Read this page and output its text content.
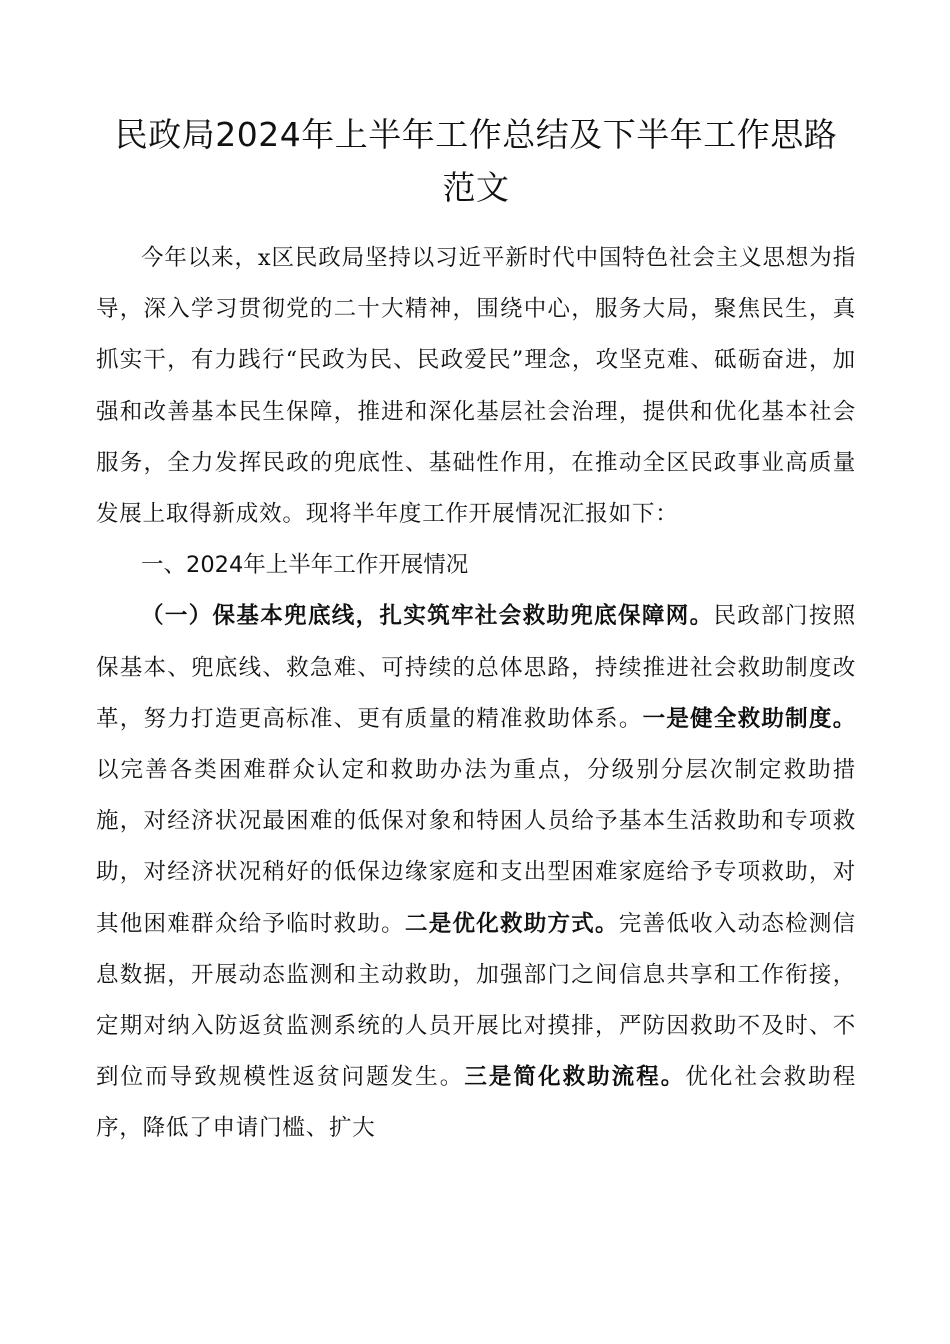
民政局2024年上半年工作总结及下半年工作思路
范文

今年以来，x区民政局坚持以习近平新时代中国特色社会主义思想为指导，深入学习贯彻党的二十大精神，围绕中心，服务大局，聚焦民生，真抓实干，有力践行“民政为民、民政爱民”理念，攻坚克难、砥砺奋进，加强和改善基本民生保障，推进和深化基层社会治理，提供和优化基本社会服务，全力发挥民政的兜底性、基础性作用，在推动全区民政事业高质量发展上取得新成效。现将半年度工作开展情况汇报如下：

一、2024年上半年工作开展情况

（一）保基本兜底线，扎实筑牢社会救助兜底保障网。民政部门按照保基本、兜底线、救急难、可持续的总体思路，持续推进社会救助制度改革，努力打造更高标准、更有质量的精准救助体系。一是健全救助制度。以完善各类困难群众认定和救助办法为重点，分级别分层次制定救助措施，对经济状况最困难的低保对象和特困人员给予基本生活救助和专项救助，对经济状况稍好的低保边缘家庭和支出型困难家庭给予专项救助，对其他困难群众给予临时救助。二是优化救助方式。完善低收入动态检测信息数据，开展动态监测和主动救助，加强部门之间信息共享和工作衔接，定期对纳入防返贫监测系统的人员开展比对摸排，严防因救助不及时、不到位而导致规模性返贫问题发生。三是简化救助流程。优化社会救助程序，降低了申请门槛、扩大
